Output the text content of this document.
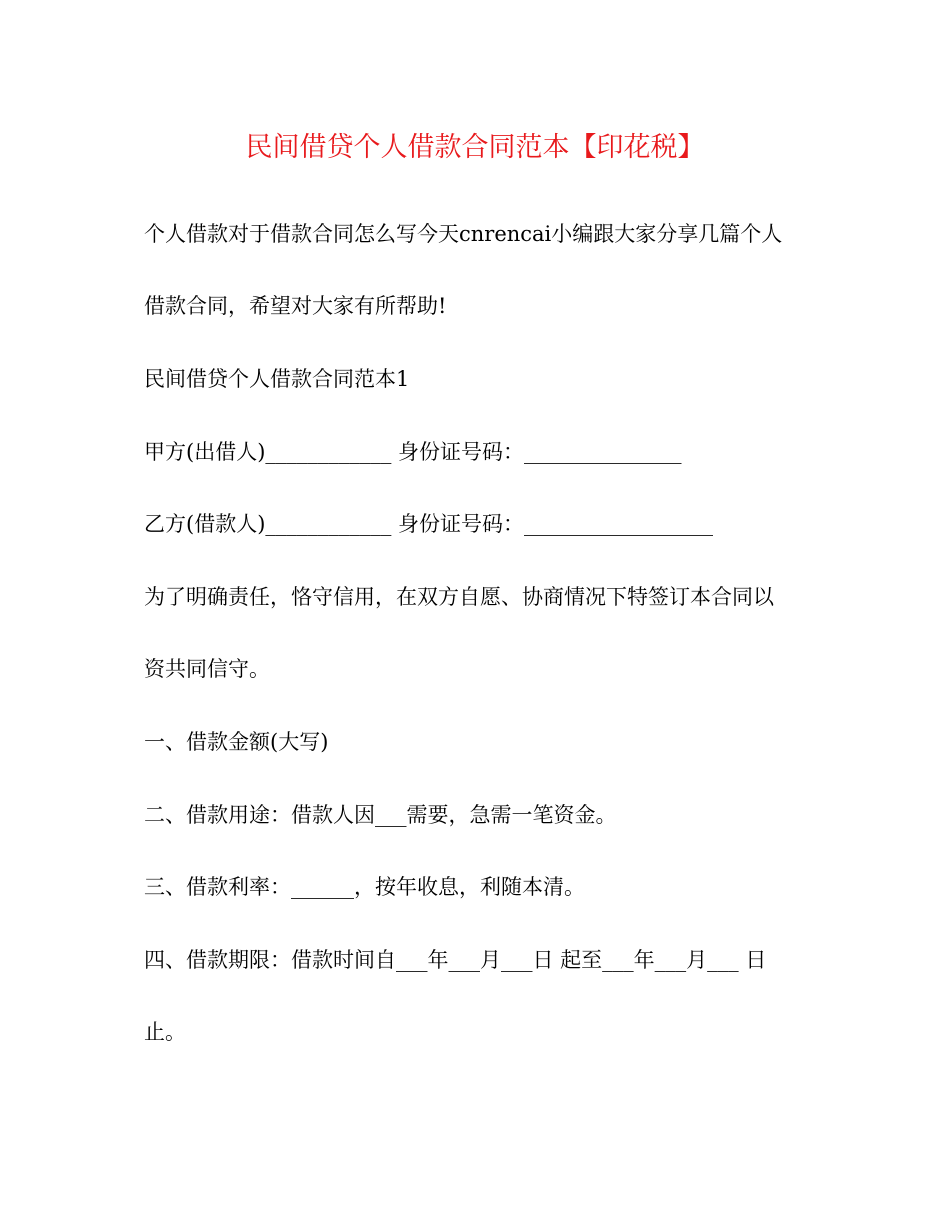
民间借贷个人借款合同范本【印花税】
个人借款对于借款合同怎么写今天cnrencai小编跟大家分享几篇个人
借款合同，希望对大家有所帮助!
民间借贷个人借款合同范本1
甲方(出借人)____________ 身份证号码：_______________
乙方(借款人)____________ 身份证号码：__________________
为了明确责任，恪守信用，在双方自愿、协商情况下特签订本合同以
资共同信守。
一、借款金额(大写)
二、借款用途：借款人因___需要，急需一笔资金。
三、借款利率：______，按年收息，利随本清。
四、借款期限：借款时间自___年___月___日 起至___年___月___ 日
止。
